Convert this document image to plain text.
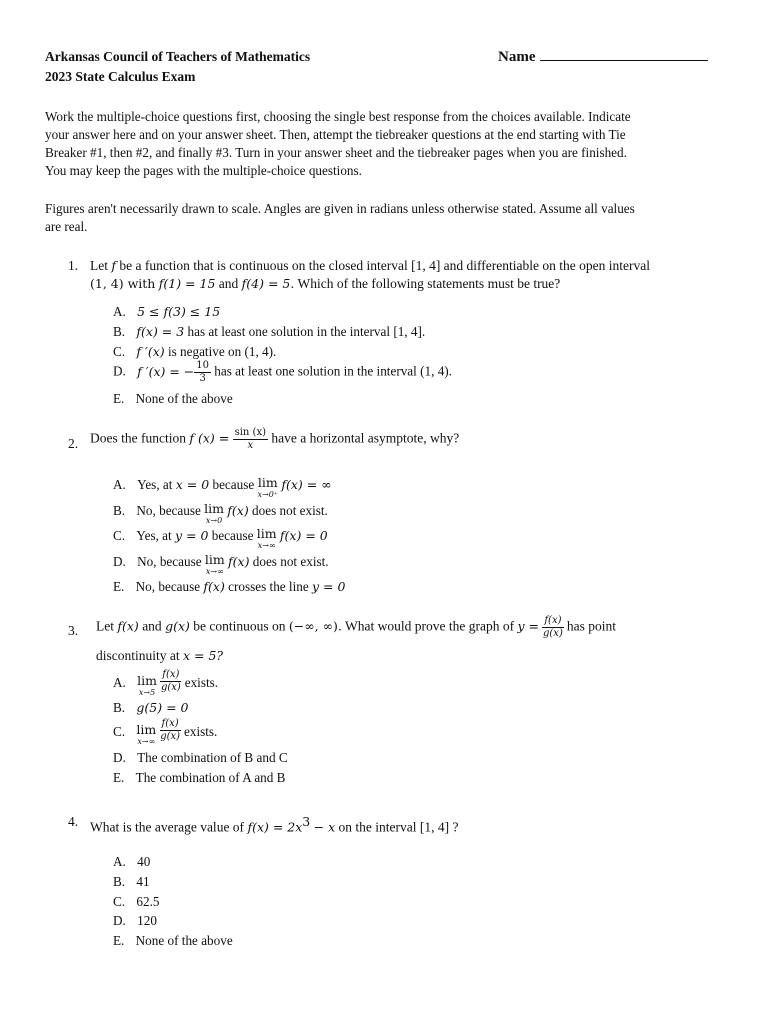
Arkansas Council of Teachers of Mathematics
2023 State Calculus Exam
Name
Work the multiple-choice questions first, choosing the single best response from the choices available. Indicate
your answer here and on your answer sheet. Then, attempt the tiebreaker questions at the end starting with Tie
Breaker #1, then #2, and finally #3. Turn in your answer sheet and the tiebreaker pages when you are finished.
You may keep the pages with the multiple-choice questions.
Figures aren't necessarily drawn to scale. Angles are given in radians unless otherwise stated. Assume all values
are real.
1. Let f be a function that is continuous on the closed interval [1, 4] and differentiable on the open interval
(1, 4) with f(1) = 15 and f(4) = 5. Which of the following statements must be true?
A. 5 ≤ f(3) ≤ 15
B. f(x) = 3 has at least one solution in the interval [1, 4].
C. f ′(x) is negative on (1, 4).
D. f ′(x) = − $\frac{10}{3}$ has at least one solution in the interval (1, 4).
E. None of the above
2. Does the function f $(x) = \frac{\sin (x)}{x}$ have a horizontal asymptote, why?
A. Yes, at x = 0 because lim
x→0⁺
f(x) = ∞
B. No, because lim
x→0
f(x) does not exist.
C. Yes, at y = 0 because lim
x→∞
f(x) = 0
D. No, because lim
x→∞
f(x) does not exist.
E. No, because f(x) crosses the line y = 0
3. Let f(x) and g(x) be continuous on (−∞, ∞). What would prove the graph of $y = \frac{f(x)}{g(x)}$ has point
discontinuity at x = 5?
A. lim
x→5
$\frac{f(x)}{g(x)}$ exists.
B. g(5) = 0
C. lim
x→∞
$\frac{f(x)}{g(x)}$ exists.
D. The combination of B and C
E. The combination of A and B
4. What is the average value of $f(x) = 2x^3 - x$ on the interval [1, 4] ?
A. 40
B. 41
C. 62.5
D. 120
E. None of the above
